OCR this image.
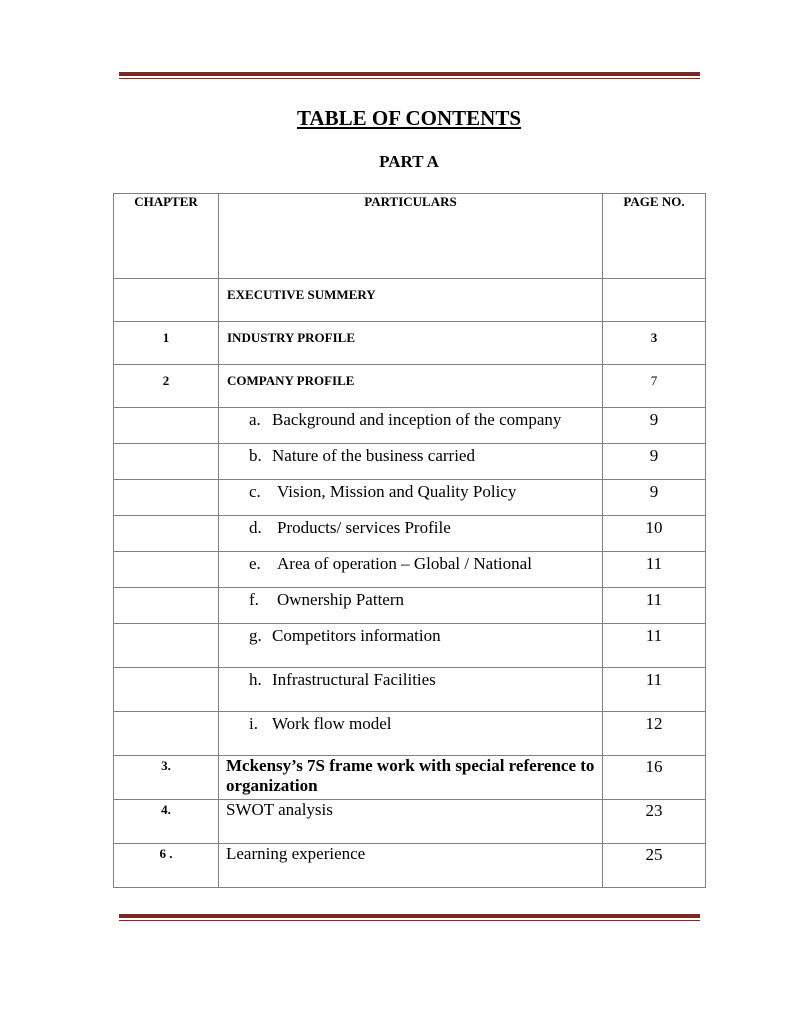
TABLE OF CONTENTS
PART A
CHAPTER	PARTICULARS	PAGE NO.
	EXECUTIVE SUMMERY	
1	INDUSTRY PROFILE	3
2	COMPANY PROFILE	7
	a. Background and inception of the company	9
	b. Nature of the business carried	9
	c. Vision, Mission and Quality Policy	9
	d. Products/ services Profile	10
	e. Area of operation – Global / National	11
	f. Ownership Pattern	11
	g. Competitors information	11
	h. Infrastructural Facilities	11
	i. Work flow model	12
3.	Mckensy’s 7S frame work with special reference to organization	16
4.	SWOT analysis	23
6 .	Learning experience	25
